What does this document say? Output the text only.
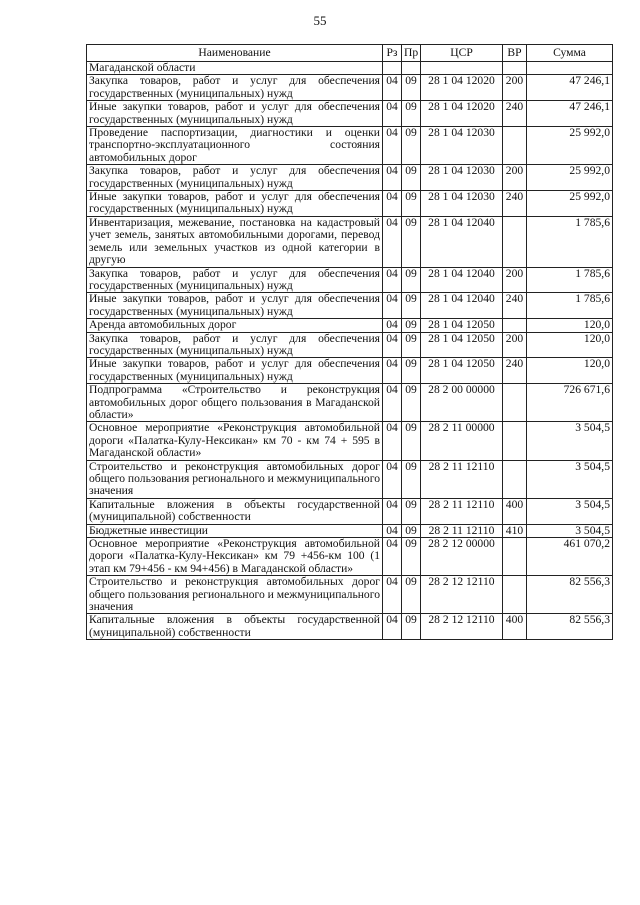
55
Наименование	Рз	Пр	ЦСР	ВР	Сумма
Магаданской области					
Закупка товаров, работ и услуг для обеспечения государственных (муниципальных) нужд	04	09	28 1 04 12020	200	47 246,1
Иные закупки товаров, работ и услуг для обеспечения государственных (муниципальных) нужд	04	09	28 1 04 12020	240	47 246,1
Проведение паспортизации, диагностики и оценки транспортно-эксплуатационного состояния автомобильных дорог	04	09	28 1 04 12030		25 992,0
Закупка товаров, работ и услуг для обеспечения государственных (муниципальных) нужд	04	09	28 1 04 12030	200	25 992,0
Иные закупки товаров, работ и услуг для обеспечения государственных (муниципальных) нужд	04	09	28 1 04 12030	240	25 992,0
Инвентаризация, межевание, постановка на кадастровый учет земель, занятых автомобильными дорогами, перевод земель или земельных участков из одной категории в другую	04	09	28 1 04 12040		1 785,6
Закупка товаров, работ и услуг для обеспечения государственных (муниципальных) нужд	04	09	28 1 04 12040	200	1 785,6
Иные закупки товаров, работ и услуг для обеспечения государственных (муниципальных) нужд	04	09	28 1 04 12040	240	1 785,6
Аренда автомобильных дорог	04	09	28 1 04 12050		120,0
Закупка товаров, работ и услуг для обеспечения государственных (муниципальных) нужд	04	09	28 1 04 12050	200	120,0
Иные закупки товаров, работ и услуг для обеспечения государственных (муниципальных) нужд	04	09	28 1 04 12050	240	120,0
Подпрограмма «Строительство и реконструкция автомобильных дорог общего пользования в Магаданской области»	04	09	28 2 00 00000		726 671,6
Основное мероприятие «Реконструкция автомобильной дороги «Палатка-Кулу-Нексикан» км 70 - км 74 + 595 в Магаданской области»	04	09	28 2 11 00000		3 504,5
Строительство и реконструкция автомобильных дорог общего пользования регионального и межмуниципального значения	04	09	28 2 11 12110		3 504,5
Капитальные вложения в объекты государственной (муниципальной) собственности	04	09	28 2 11 12110	400	3 504,5
Бюджетные инвестиции	04	09	28 2 11 12110	410	3 504,5
Основное мероприятие «Реконструкция автомобильной дороги «Палатка-Кулу-Нексикан» км 79 +456-км 100 (1 этап км 79+456 - км 94+456) в Магаданской области»	04	09	28 2 12 00000		461 070,2
Строительство и реконструкция автомобильных дорог общего пользования регионального и межмуниципального значения	04	09	28 2 12 12110		82 556,3
Капитальные вложения в объекты государственной (муниципальной) собственности	04	09	28 2 12 12110	400	82 556,3
